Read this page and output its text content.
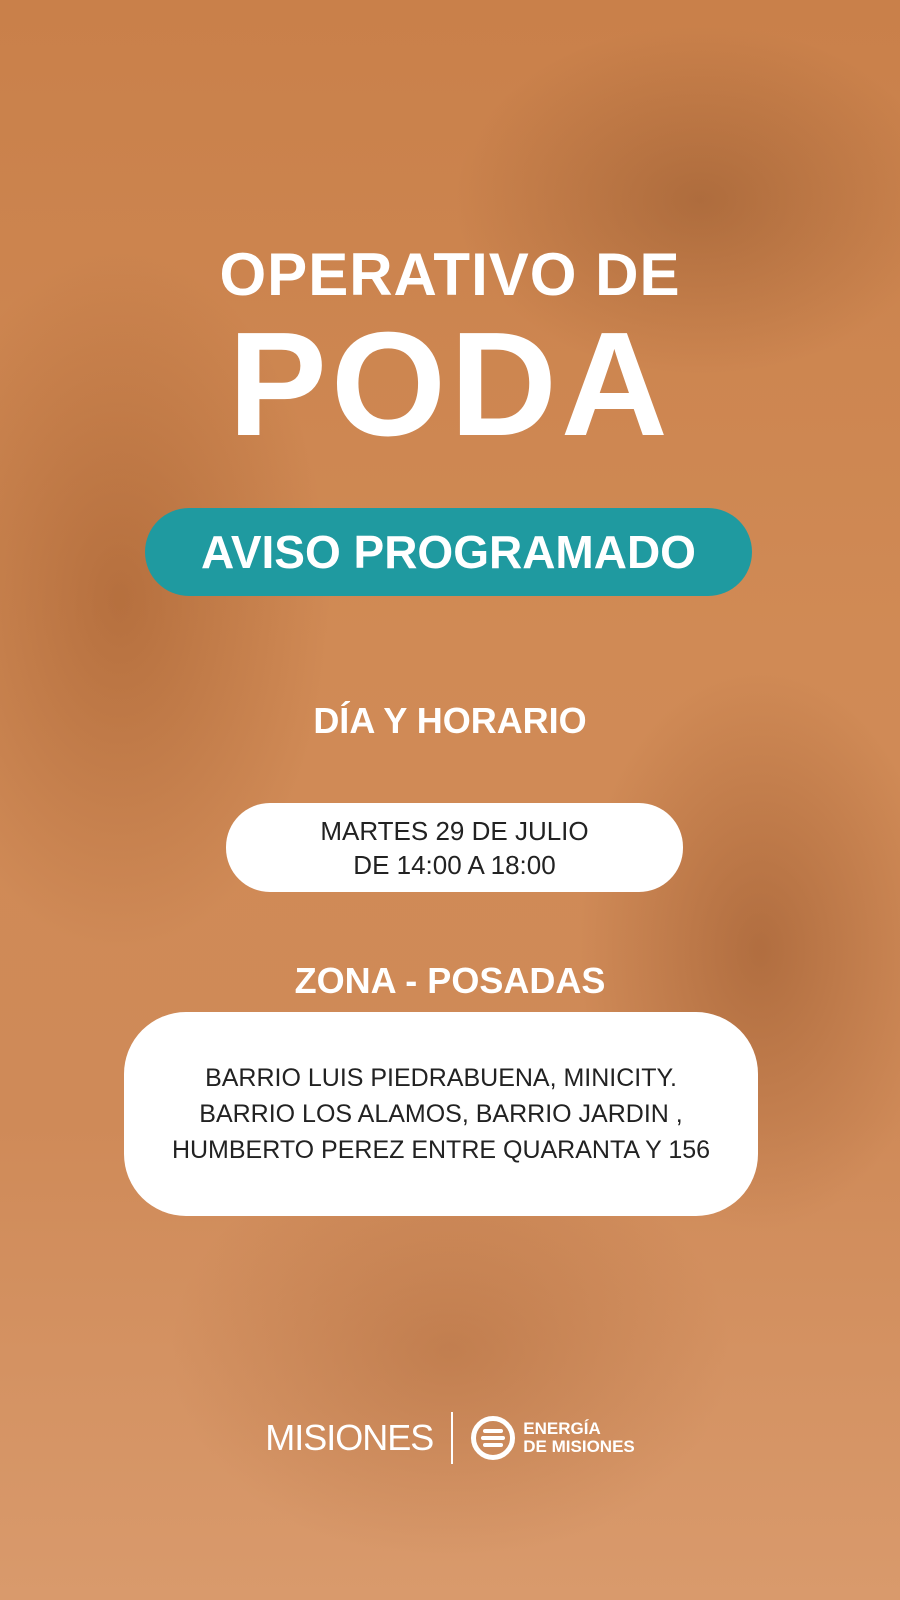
OPERATIVO DE
PODA
AVISO PROGRAMADO
DÍA Y HORARIO
MARTES 29 DE JULIO
DE 14:00 A 18:00
ZONA - POSADAS
BARRIO LUIS PIEDRABUENA, MINICITY.
BARRIO LOS ALAMOS, BARRIO JARDIN ,
HUMBERTO PEREZ ENTRE QUARANTA Y 156
MISIONES	ENERGÍA
DE MISIONES
